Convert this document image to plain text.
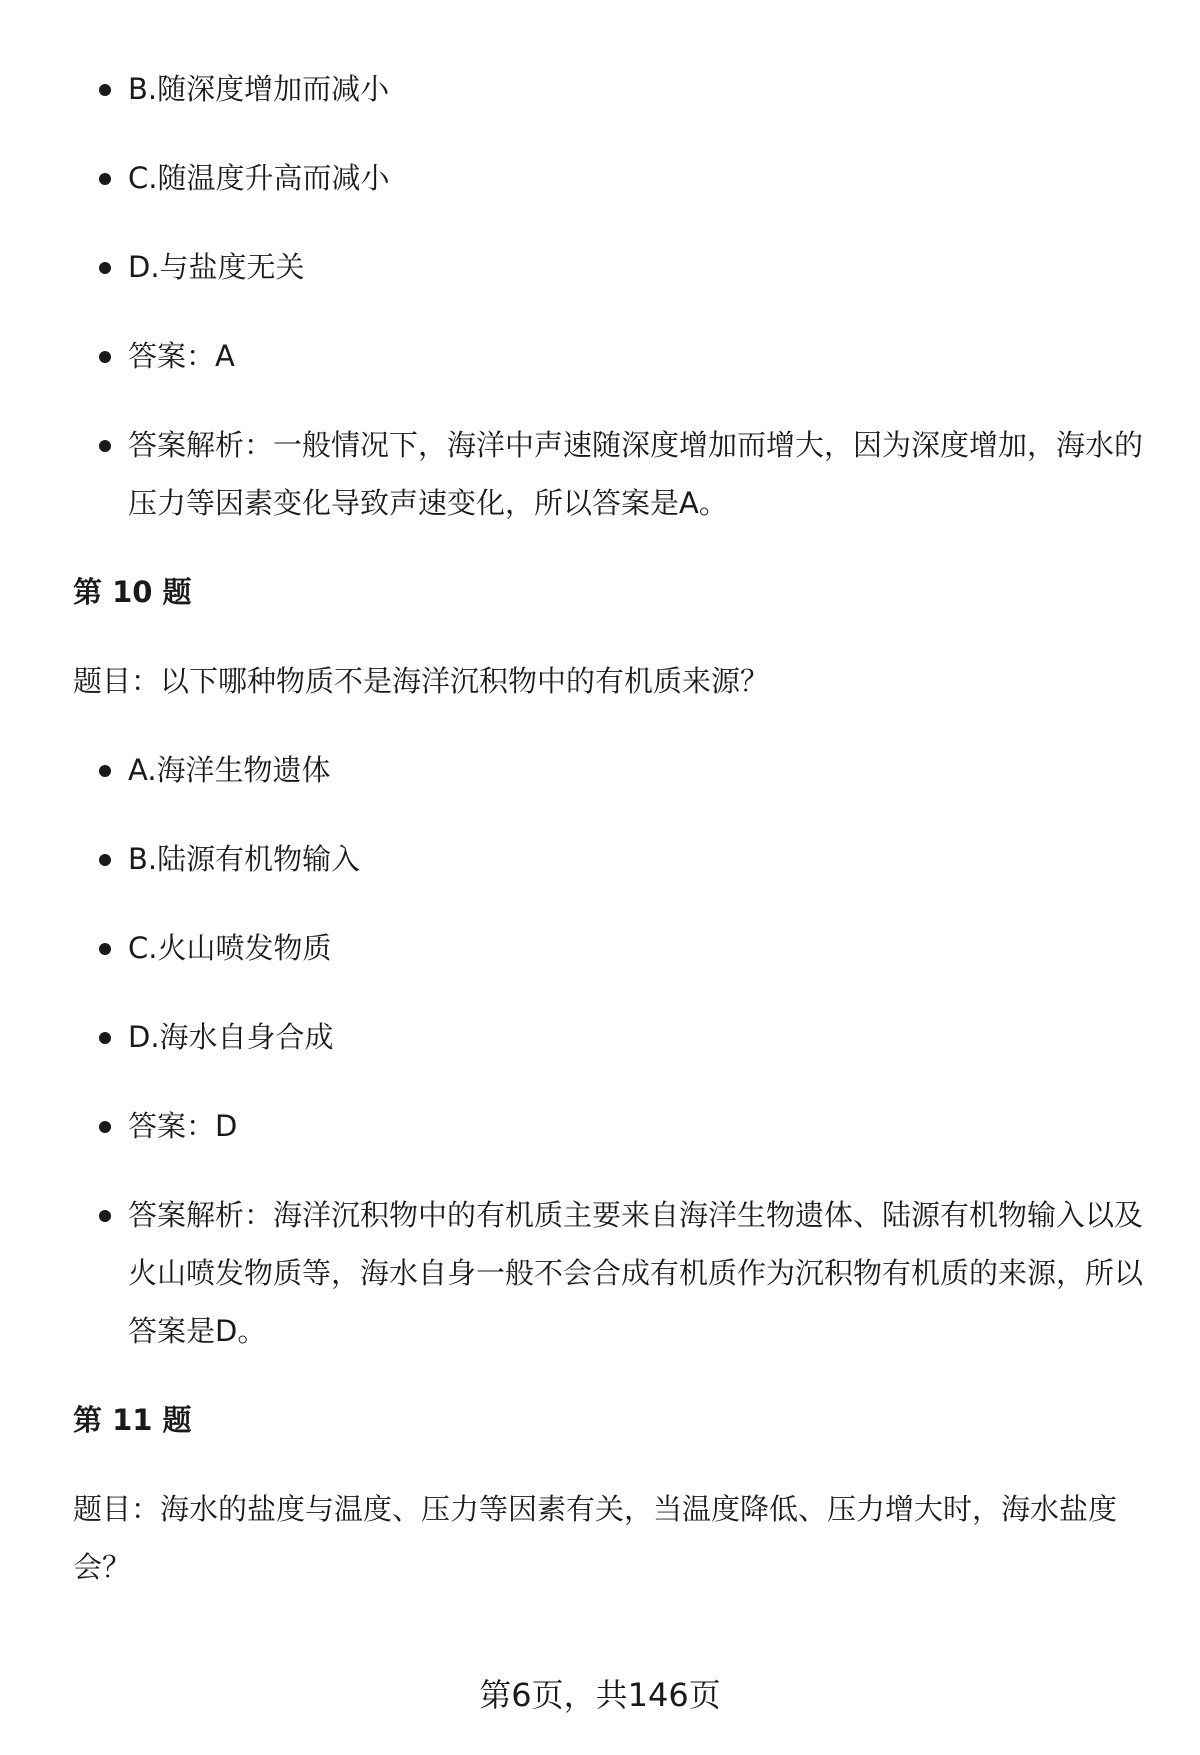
B.随深度增加而减小
C.随温度升高而减小
D.与盐度无关
答案：A
答案解析：一般情况下，海洋中声速随深度增加而增大，因为深度增加，海水的压力等因素变化导致声速变化，所以答案是A。
第 10 题
题目：以下哪种物质不是海洋沉积物中的有机质来源？
A.海洋生物遗体
B.陆源有机物输入
C.火山喷发物质
D.海水自身合成
答案：D
答案解析：海洋沉积物中的有机质主要来自海洋生物遗体、陆源有机物输入以及火山喷发物质等，海水自身一般不会合成有机质作为沉积物有机质的来源，所以答案是D。
第 11 题
题目：海水的盐度与温度、压力等因素有关，当温度降低、压力增大时，海水盐度会？
第6页，共146页
